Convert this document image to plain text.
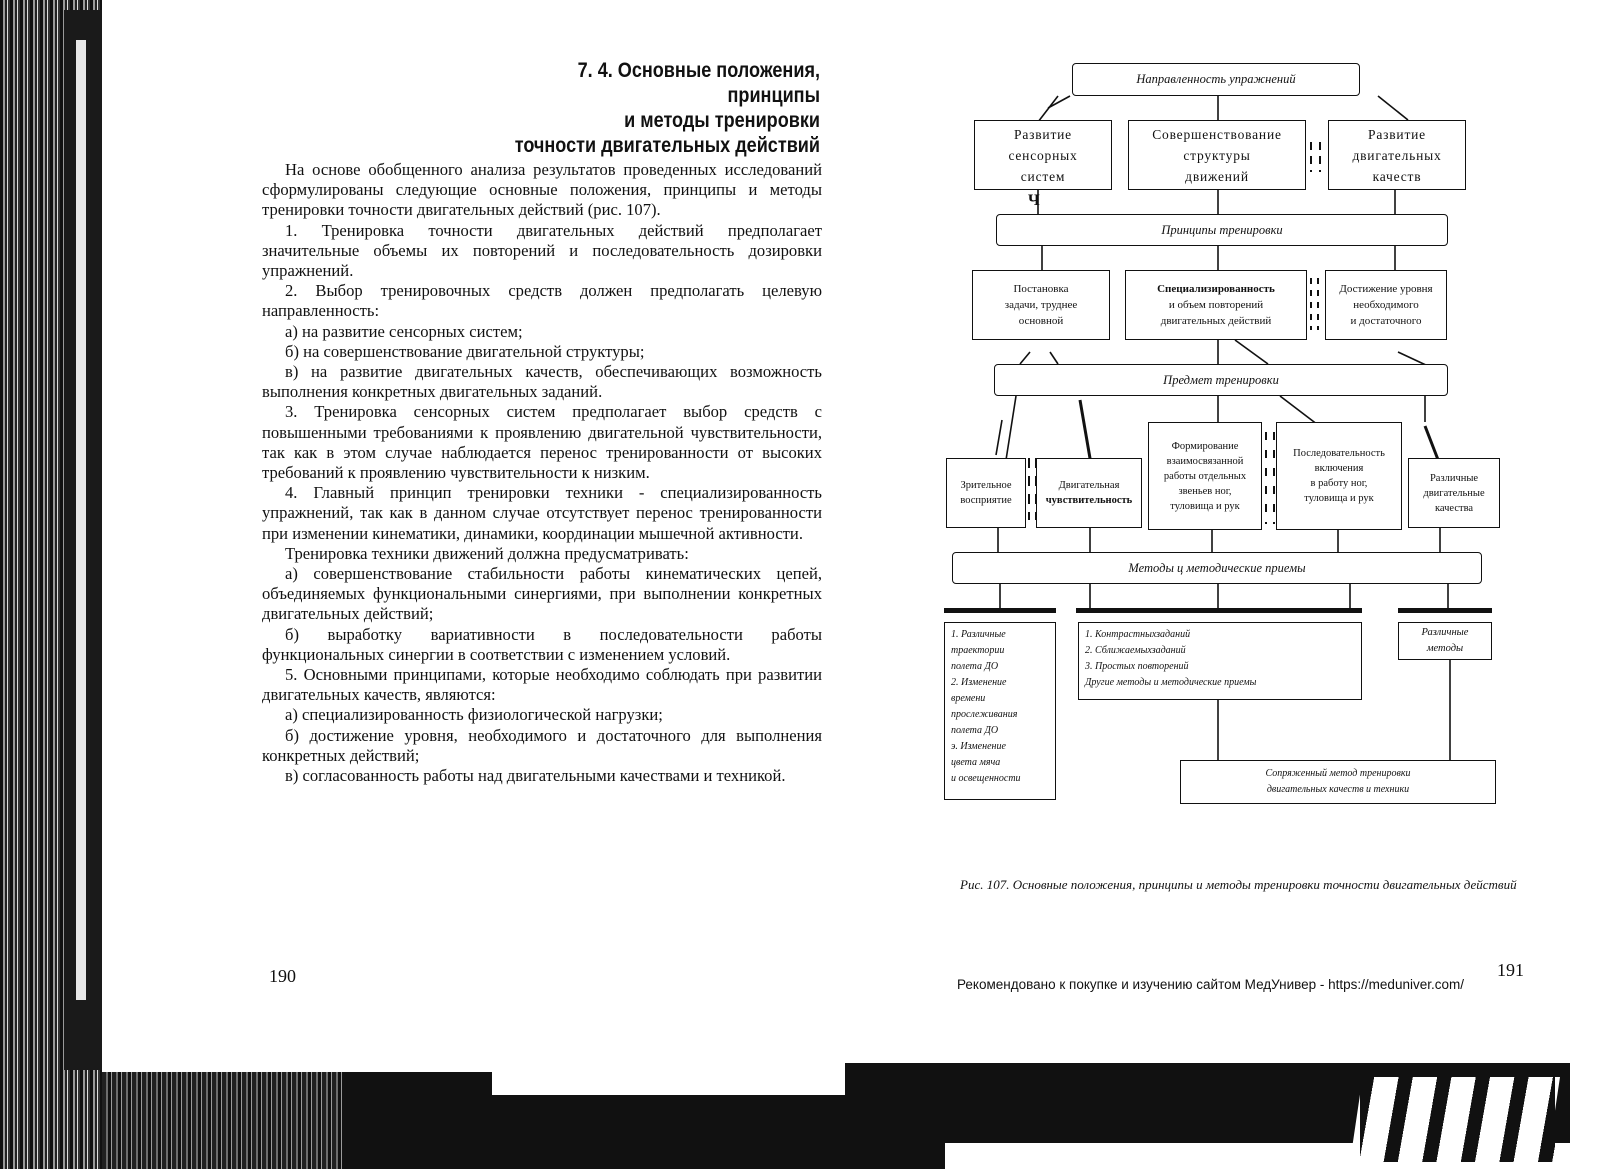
7. 4. Основные положения, принципы
и методы тренировки
точности двигательных действий

На основе обобщенного анализа результатов проведенных исследований сформулированы следующие основные положения, принципы и методы тренировки точности двигательных действий (рис. 107).

1. Тренировка точности двигательных действий предполагает значительные объемы их повторений и последовательность дозировки упражнений.

2. Выбор тренировочных средств должен предполагать целевую направленность:

а) на развитие сенсорных систем;

б) на совершенствование двигательной структуры;

в) на развитие двигательных качеств, обеспечивающих возможность выполнения конкретных двигательных заданий.

3. Тренировка сенсорных систем предполагает выбор средств с повышенными требованиями к проявлению двигательной чувствительности, так как в этом случае наблюдается перенос тренированности от высоких требований к проявлению чувствительности к низким.

4. Главный принцип тренировки техники - специализированность упражнений, так как в данном случае отсутствует перенос тренированности при изменении кинематики, динамики, координации мышечной активности.

Тренировка техники движений должна предусматривать:

а) совершенствование стабильности работы кинематических цепей, объединяемых функциональными синергиями, при выполнении конкретных двигательных действий;

б) выработку вариативности в последовательности работы функциональных синергии в соответствии с изменением условий.

5. Основными принципами, которые необходимо соблюдать при развитии двигательных качеств, являются:

а) специализированность физиологической нагрузки;

б) достижение уровня, необходимого и достаточного для выполнения конкретных действий;

в) согласованность работы над двигательными качествами и техникой.

190
Направленность упражнений
Развитие
сенсорных
систем
Совершенствование
структуры
движений
Развитие
двигательных
качеств
Ч
Принципы тренировки
Постановка
задачи, труднее
основной
Специализированность
и объем повторений
двигательных действий
Достижение уровня
необходимого
и достаточного
Предмет тренировки
Зрительное
восприятие
Двигательная
чувствительность
Формирование
взаимосвязанной
работы отдельных
звеньев ног,
туловища и рук
Последовательность
включения
в работу ног,
туловища и рук
Различные
двигательные
качества
Методы ц методические приемы
1. Различные
траектории
полета ДО
2. Изменение
времени
прослеживания
полета ДО
э. Изменение
цвета мяча
и освещенности
1. Контрастныхзаданий
2. Сближаемыхзаданий
3. Простых повторений
Другие методы и методические приемы
Различные
методы
Сопряженный метод тренировки
двигательных качеств и техники
Рис. 107. Основные положения, принципы и методы тренировки точности двигательных действий
191
Рекомендовано к покупке и изучению сайтом МедУнивер - https://meduniver.com/
